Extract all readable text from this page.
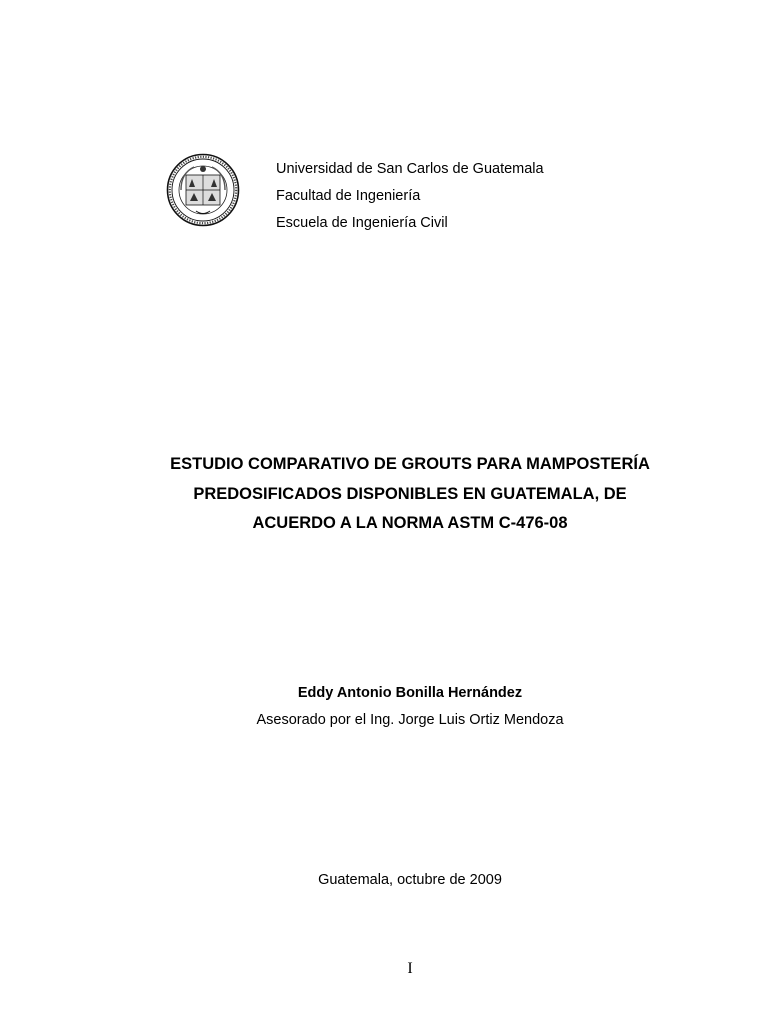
Universidad de San Carlos de Guatemala
Facultad de Ingeniería
Escuela de Ingeniería Civil
ESTUDIO COMPARATIVO DE GROUTS PARA MAMPOSTERÍA
PREDOSIFICADOS DISPONIBLES EN GUATEMALA, DE
ACUERDO A LA NORMA ASTM C-476-08
Eddy Antonio Bonilla Hernández
Asesorado por el Ing. Jorge Luis Ortiz Mendoza
Guatemala, octubre de 2009
I
